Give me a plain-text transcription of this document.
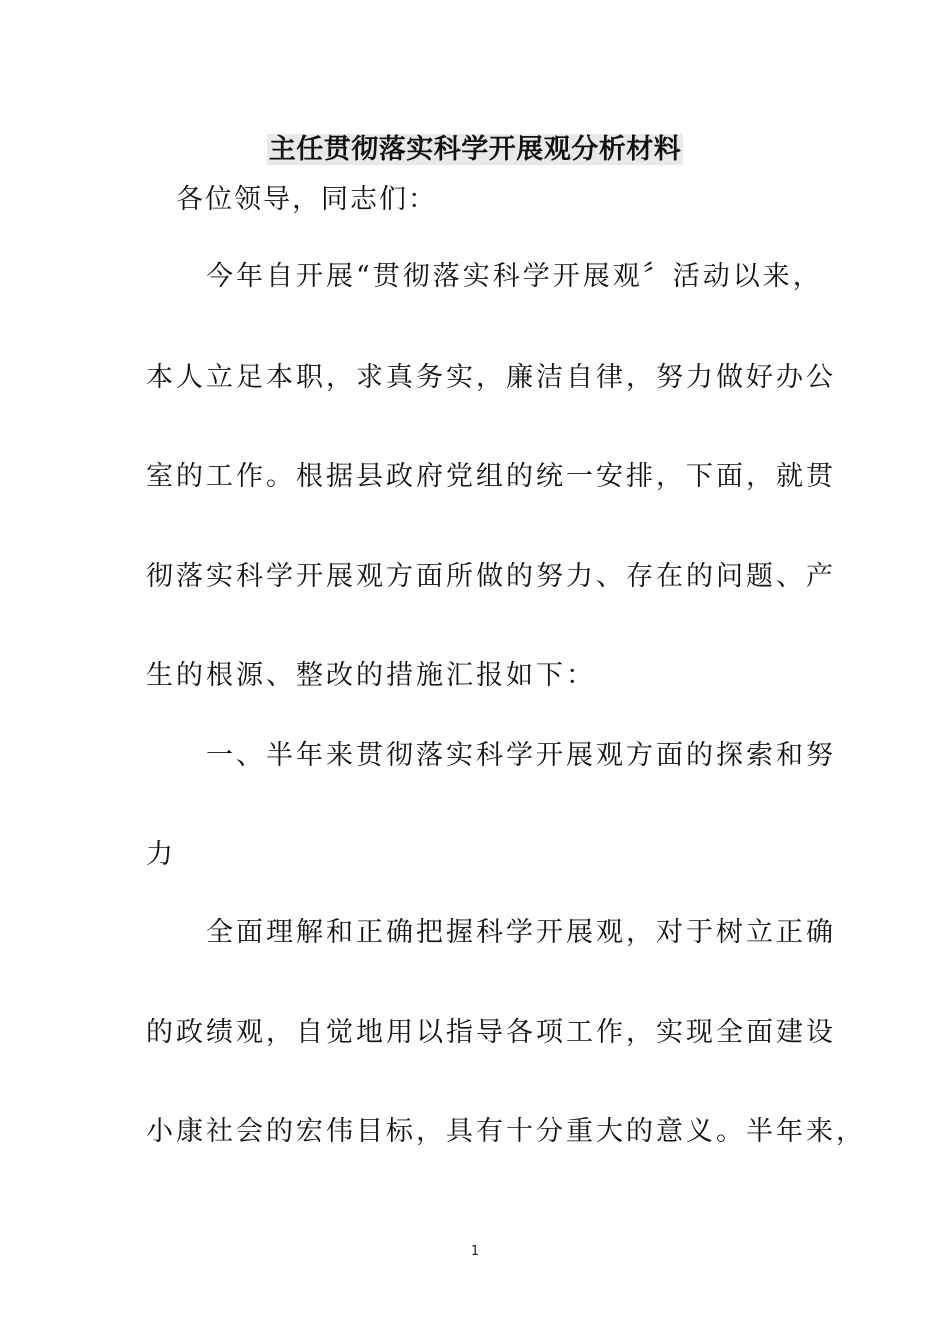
主任贯彻落实科学开展观分析材料
各位领导，同志们：
　　今年自开展“贯彻落实科学开展观〞活动以来，
本人立足本职，求真务实，廉洁自律，努力做好办公
室的工作。根据县政府党组的统一安排，下面，就贯
彻落实科学开展观方面所做的努力、存在的问题、产
生的根源、整改的措施汇报如下：
　　一、半年来贯彻落实科学开展观方面的探索和努
力
　　全面理解和正确把握科学开展观，对于树立正确
的政绩观，自觉地用以指导各项工作，实现全面建设
小康社会的宏伟目标，具有十分重大的意义。半年来，
1
